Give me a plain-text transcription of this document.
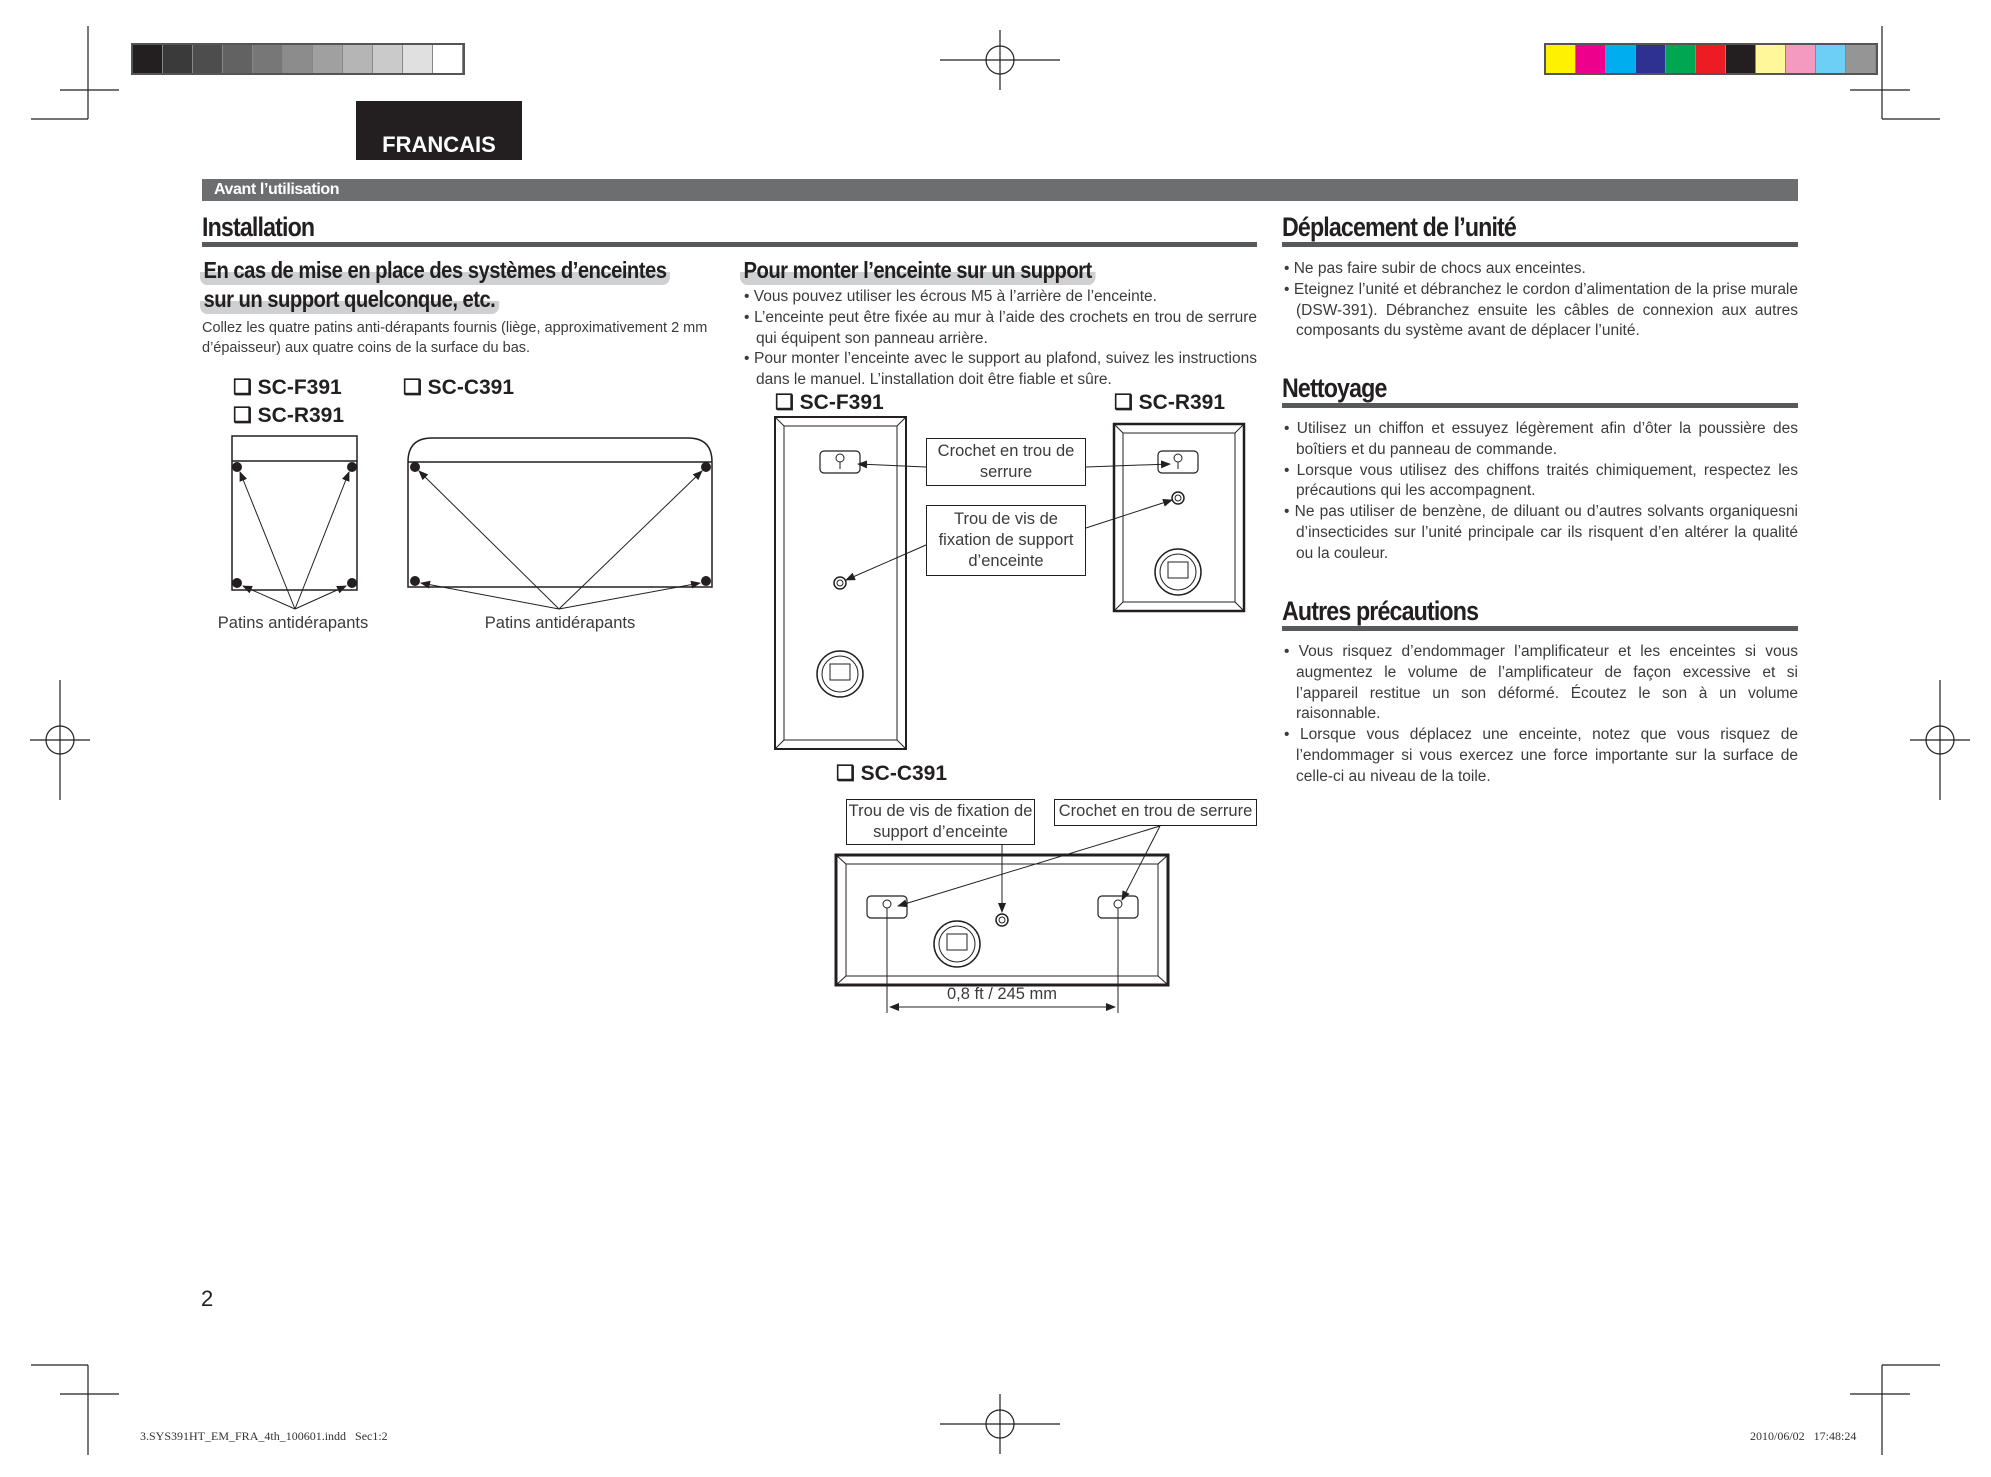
FRANCAIS
Avant l’utilisation
Installation
En cas de mise en place des systèmes d’enceintes
sur un support quelconque, etc.
Collez les quatre patins anti-dérapants fournis (liège, approximativement 2 mm d’épaisseur) aux quatre coins de la surface du bas.
❑ SC-F391	❑ SC-C391
❑ SC-R391
Patins antidérapants	Patins antidérapants
Pour monter l’enceinte sur un support
• Vous pouvez utiliser les écrous M5 à l’arrière de l’enceinte.
• L’enceinte peut être fixée au mur à l’aide des crochets en trou de serrure qui équipent son panneau arrière.
• Pour monter l’enceinte avec le support au plafond, suivez les instructions dans le manuel. L’installation doit être fiable et sûre.
❑ SC-F391	❑ SC-R391
Crochet en trou de serrure
Trou de vis de fixation de support d’enceinte
❑ SC-C391
Trou de vis de fixation de support d’enceinte
Crochet en trou de serrure
0,8 ft / 245 mm
Déplacement de l’unité
• Ne pas faire subir de chocs aux enceintes.
• Eteignez l’unité et débranchez le cordon d’alimentation de la prise murale (DSW-391). Débranchez ensuite les câbles de connexion aux autres composants du système avant de déplacer l’unité.
Nettoyage
• Utilisez un chiffon et essuyez légèrement afin d’ôter la poussière des boîtiers et du panneau de commande.
• Lorsque vous utilisez des chiffons traités chimiquement, respectez les précautions qui les accompagnent.
• Ne pas utiliser de benzène, de diluant ou d’autres solvants organiquesni d’insecticides sur l’unité principale car ils risquent d’en altérer la qualité ou la couleur.
Autres précautions
• Vous risquez d’endommager l’amplificateur et les enceintes si vous augmentez le volume de l’amplificateur de façon excessive et si l’appareil restitue un son déformé. Écoutez le son à un volume raisonnable.
• Lorsque vous déplacez une enceinte, notez que vous risquez de l’endommager si vous exercez une force importante sur la surface de celle-ci au niveau de la toile.
2
3.SYS391HT_EM_FRA_4th_100601.indd   Sec1:2	2010/06/02   17:48:24
